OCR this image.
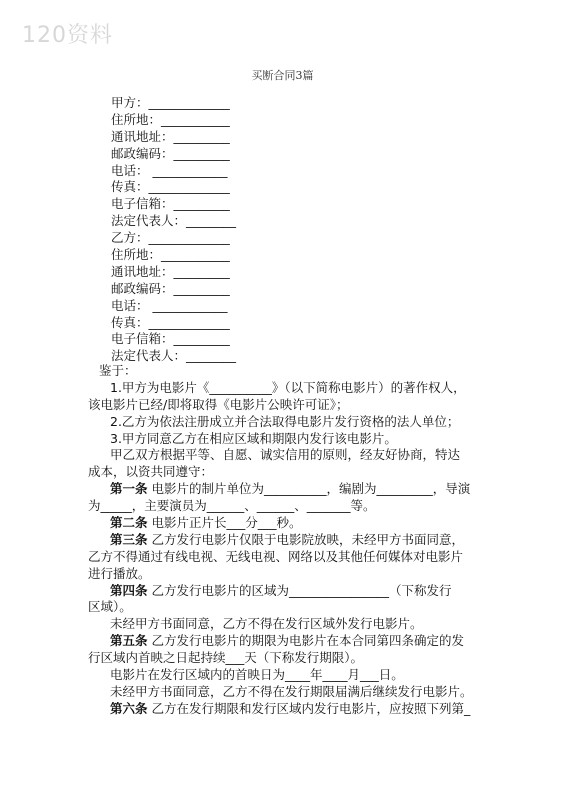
120资料
买断合同3篇
甲方：_____________
住所地：___________
通讯地址：_________
邮政编码：_________
电话： ____________
传真：_____________
电子信箱：_________
法定代表人：________
乙方：_____________
住所地：___________
通讯地址：_________
邮政编码：_________
电话： ____________
传真：_____________
电子信箱：_________
法定代表人：________
鉴于：
1.甲方为电影片《__________》（以下简称电影片）的著作权人，
该电影片已经/即将取得《电影片公映许可证》；
2.乙方为依法注册成立并合法取得电影片发行资格的法人单位；
3.甲方同意乙方在相应区域和期限内发行该电影片。
甲乙双方根据平等、自愿、诚实信用的原则，经友好协商，特达
成本，以资共同遵守：
第一条 电影片的制片单位为__________，编剧为_________，导演
为_____，主要演员为______、______、_______等。
第二条 电影片正片长___分___秒。
第三条 乙方发行电影片仅限于电影院放映，未经甲方书面同意，
乙方不得通过有线电视、无线电视、网络以及其他任何媒体对电影片
进行播放。
第四条 乙方发行电影片的区域为________________（下称发行
区域）。
未经甲方书面同意，乙方不得在发行区域外发行电影片。
第五条 乙方发行电影片的期限为电影片在本合同第四条确定的发
行区域内首映之日起持续___天（下称发行期限）。
电影片在发行区域内的首映日为____年____月___日。
未经甲方书面同意，乙方不得在发行期限届满后继续发行电影片。
第六条 乙方在发行期限和发行区域内发行电影片，应按照下列第_
